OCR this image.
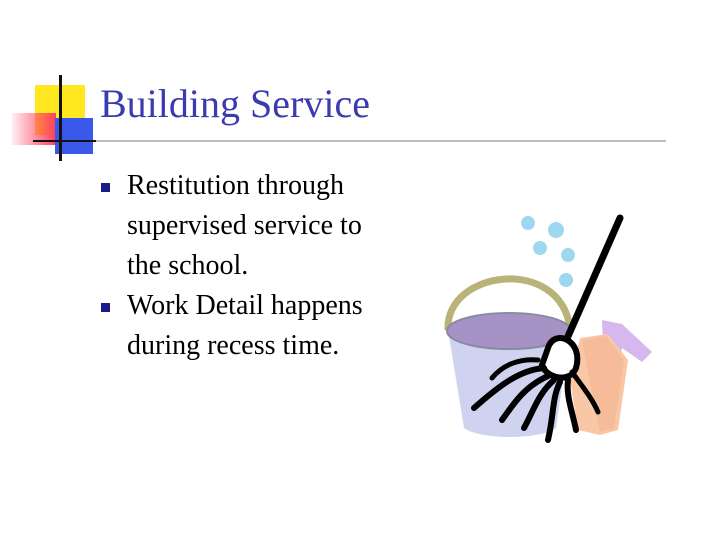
Building Service
Restitution through supervised service to the school.
Work Detail happens during recess time.
